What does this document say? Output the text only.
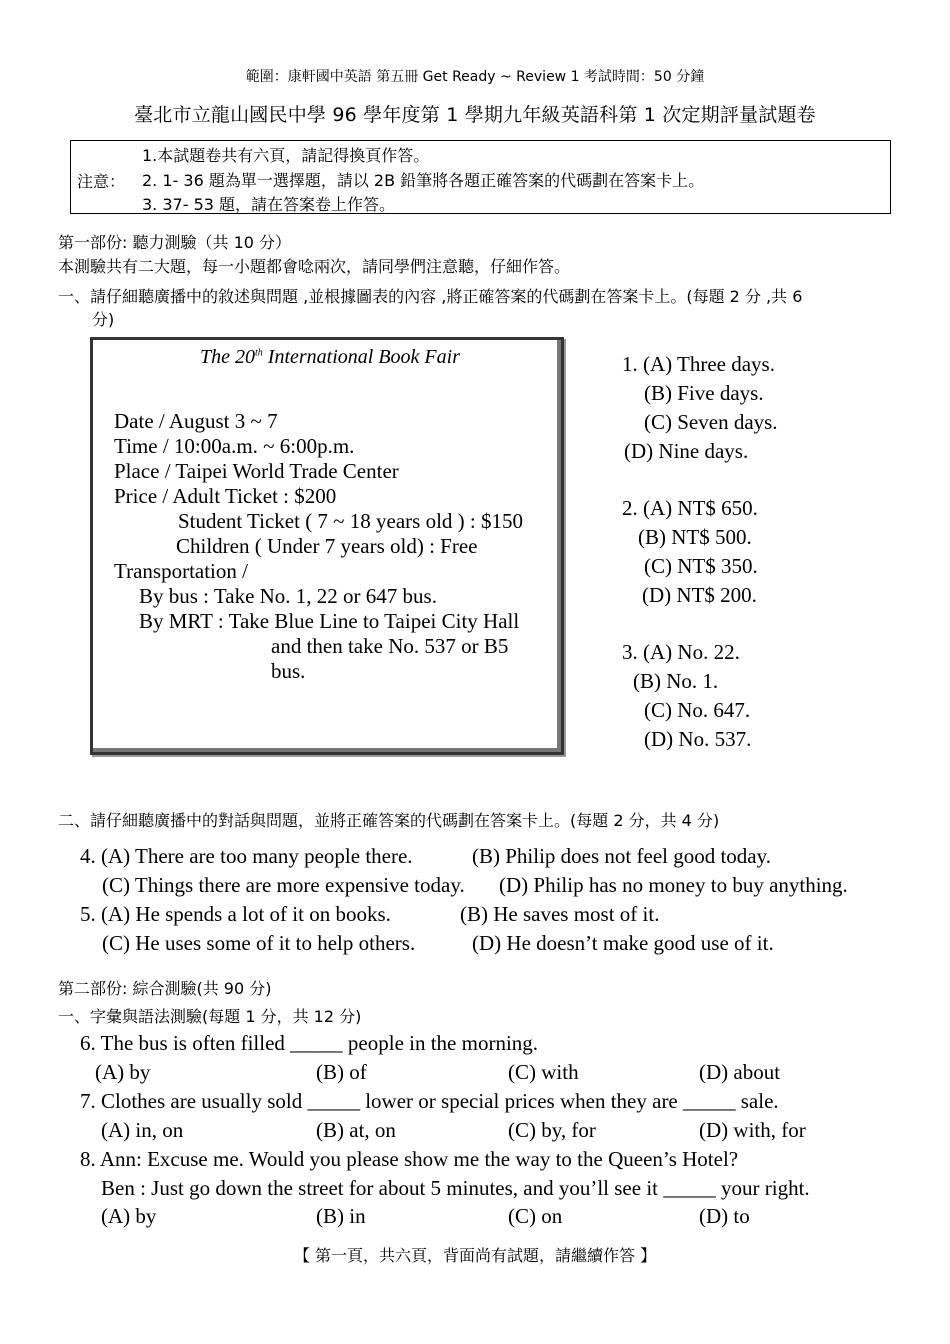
範圍：康軒國中英語 第五冊 Get Ready ~ Review 1 考試時間：50 分鐘
臺北市立龍山國民中學 96 學年度第 1 學期九年級英語科第 1 次定期評量試題卷
注意：
1.本試題卷共有六頁，請記得換頁作答。
2. 1- 36 題為單一選擇題，請以 2B 鉛筆將各題正確答案的代碼劃在答案卡上。
3. 37- 53 題，請在答案卷上作答。
第一部份: 聽力測驗（共 10 分）
本測驗共有二大題，每一小題都會唸兩次，請同學們注意聽，仔細作答。
一、請仔細聽廣播中的敘述與問題 ,並根據圖表的內容 ,將正確答案的代碼劃在答案卡上。(每題 2 分 ,共 6
分)
The 20th International Book Fair
Date / August 3 ~ 7
Time / 10:00a.m. ~ 6:00p.m.
Place / Taipei World Trade Center
Price / Adult Ticket : $200
Student Ticket ( 7 ~ 18 years old ) : $150
Children ( Under 7 years old) : Free
Transportation /
By bus : Take No. 1, 22 or 647 bus.
By MRT : Take Blue Line to Taipei City Hall
and then take No. 537 or B5
bus.
1. (A) Three days.
(B) Five days.
(C) Seven days.
(D) Nine days.
2. (A) NT$ 650.
(B) NT$ 500.
(C) NT$ 350.
(D) NT$ 200.
3. (A) No. 22.
(B) No. 1.
(C) No. 647.
(D) No. 537.
二、請仔細聽廣播中的對話與問題，並將正確答案的代碼劃在答案卡上。(每題 2 分，共 4 分)
4. (A) There are too many people there.	(B) Philip does not feel good today.
(C) Things there are more expensive today. (D) Philip has no money to buy anything.
5. (A) He spends a lot of it on books.	(B) He saves most of it.
(C) He uses some of it to help others.	(D) He doesn’t make good use of it.
第二部份: 綜合測驗(共 90 分)
一、字彙與語法測驗(每題 1 分，共 12 分)
6. The bus is often filled _____ people in the morning.
(A) by	(B) of	(C) with	(D) about
7. Clothes are usually sold _____ lower or special prices when they are _____ sale.
(A) in, on	(B) at, on	(C) by, for	(D) with, for
8. Ann: Excuse me. Would you please show me the way to the Queen’s Hotel?
Ben : Just go down the street for about 5 minutes, and you’ll see it _____ your right.
(A) by	(B) in	(C) on	(D) to
【 第一頁，共六頁，背面尚有試題，請繼續作答 】
